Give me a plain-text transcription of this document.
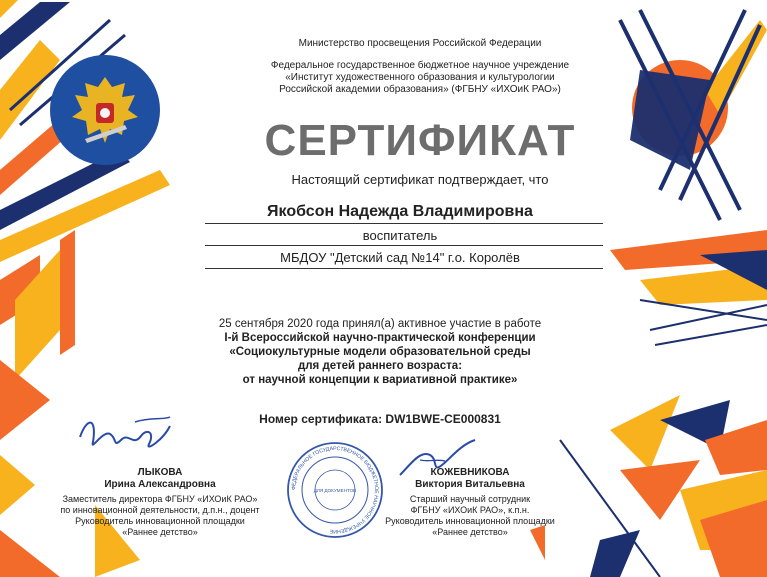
Министерство просвещения Российской Федерации
Федеральное государственное бюджетное научное учреждение
«Институт художественного образования и культурологии
Российской академии образования» (ФГБНУ «ИХОиК РАО»)
СЕРТИФИКАТ
Настоящий сертификат подтверждает, что
Якобсон Надежда Владимировна
воспитатель
МБДОУ "Детский сад №14" г.о. Королёв
25 сентября 2020 года принял(а) активное участие в работе
I-й Всероссийской научно-практической конференции
«Социокультурные модели образовательной среды
для детей раннего возраста:
от научной концепции к вариативной практике»
Номер сертификата: DW1BWE-CE000831
ЛЫКОВА
Ирина Александровна
Заместитель директора ФГБНУ «ИХОиК РАО»
по инновационной деятельности, д.п.н., доцент
Руководитель инновационной площадки
«Раннее детство»
ФЕДЕРАЛЬНОЕ ГОСУДАРСТВЕННОЕ БЮДЖЕТНОЕ НАУЧНОЕ УЧРЕЖДЕНИЕ
ДЛЯ ДОКУМЕНТОВ
КОЖЕВНИКОВА
Виктория Витальевна
Старший научный сотрудник
ФГБНУ «ИХОиК РАО», к.п.н.
Руководитель инновационной площадки
«Раннее детство»
